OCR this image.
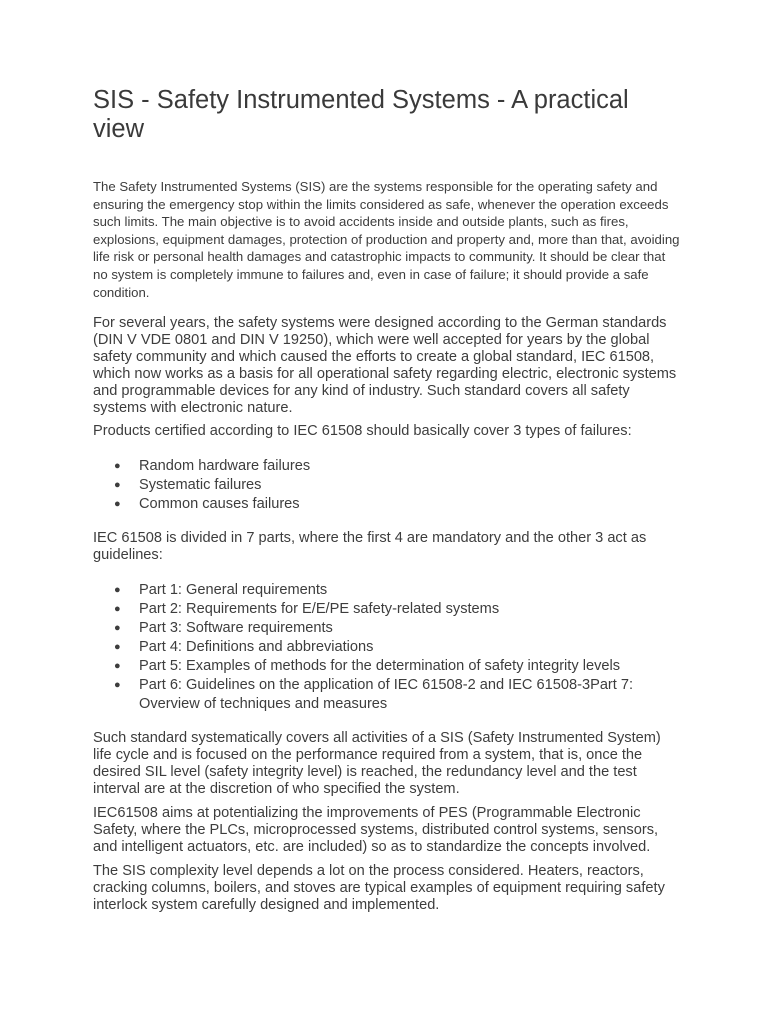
SIS - Safety Instrumented Systems - A practical view

The Safety Instrumented Systems (SIS) are the systems responsible for the operating safety and ensuring the emergency stop within the limits considered as safe, whenever the operation exceeds such limits. The main objective is to avoid accidents inside and outside plants, such as fires, explosions, equipment damages, protection of production and property and, more than that, avoiding life risk or personal health damages and catastrophic impacts to community. It should be clear that no system is completely immune to failures and, even in case of failure; it should provide a safe condition.

For several years, the safety systems were designed according to the German standards (DIN V VDE 0801 and DIN V 19250), which were well accepted for years by the global safety community and which caused the efforts to create a global standard, IEC 61508, which now works as a basis for all operational safety regarding electric, electronic systems and programmable devices for any kind of industry. Such standard covers all safety systems with electronic nature.

Products certified according to IEC 61508 should basically cover 3 types of failures:

● Random hardware failures
● Systematic failures
● Common causes failures

IEC 61508 is divided in 7 parts, where the first 4 are mandatory and the other 3 act as guidelines:

● Part 1: General requirements
● Part 2: Requirements for E/E/PE safety-related systems
● Part 3: Software requirements
● Part 4: Definitions and abbreviations
● Part 5: Examples of methods for the determination of safety integrity levels
● Part 6: Guidelines on the application of IEC 61508-2 and IEC 61508-3Part 7: Overview of techniques and measures

Such standard systematically covers all activities of a SIS (Safety Instrumented System) life cycle and is focused on the performance required from a system, that is, once the desired SIL level (safety integrity level) is reached, the redundancy level and the test interval are at the discretion of who specified the system.

IEC61508 aims at potentializing the improvements of PES (Programmable Electronic Safety, where the PLCs, microprocessed systems, distributed control systems, sensors, and intelligent actuators, etc. are included) so as to standardize the concepts involved.

The SIS complexity level depends a lot on the process considered. Heaters, reactors, cracking columns, boilers, and stoves are typical examples of equipment requiring safety interlock system carefully designed and implemented.
